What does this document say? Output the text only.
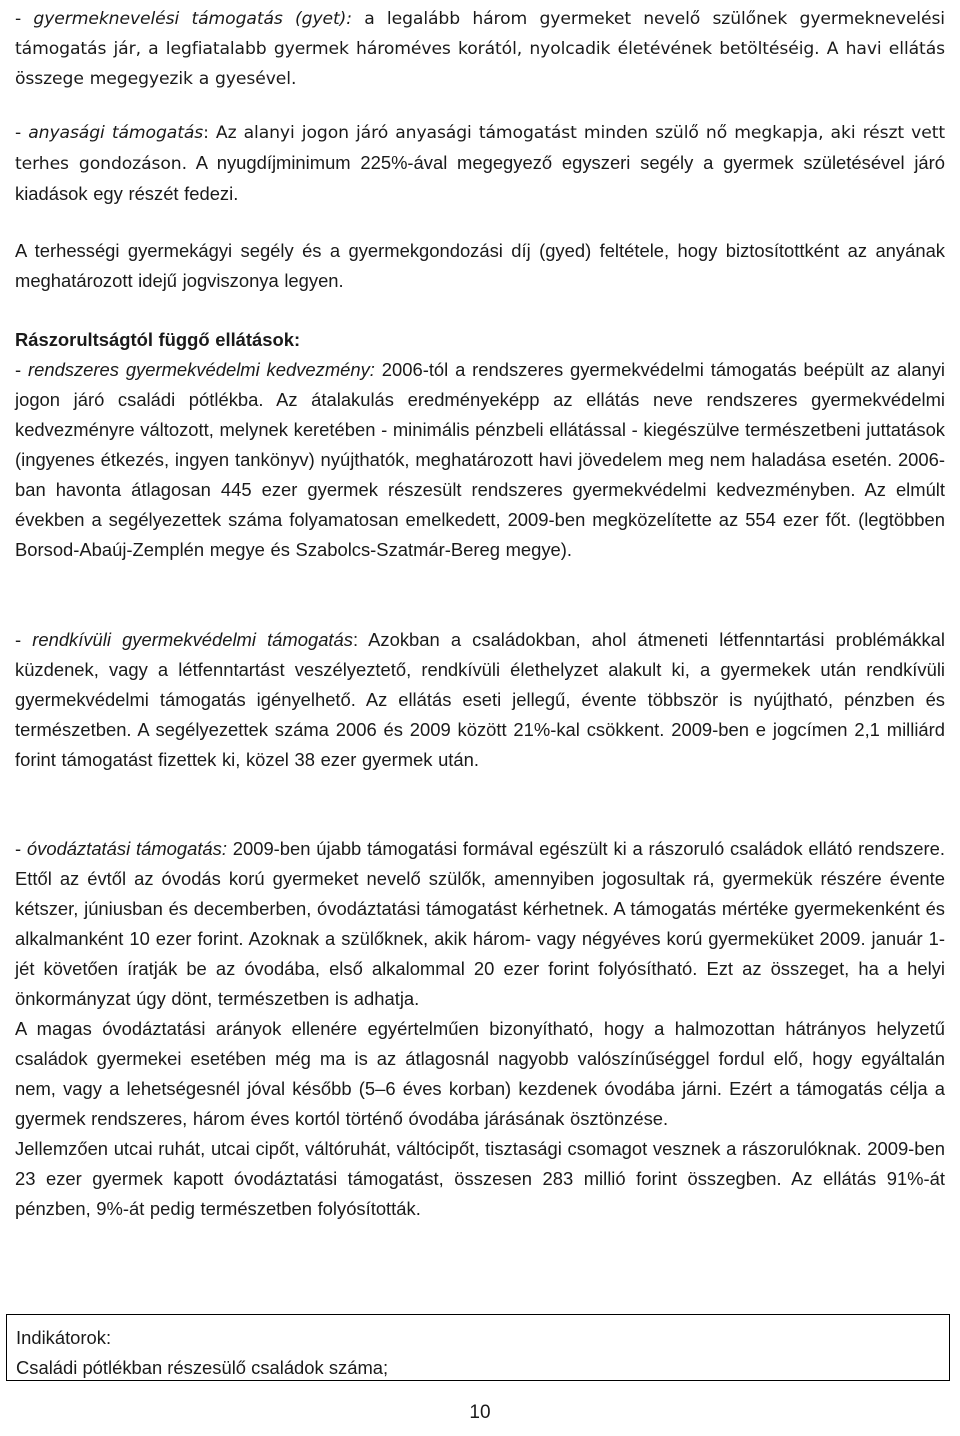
- gyermeknevelési támogatás (gyet): a legalább három gyermeket nevelő szülőnek gyermeknevelési támogatás jár, a legfiatalabb gyermek hároméves korától, nyolcadik életévének betöltéséig. A havi ellátás összege megegyezik a gyesével.

- anyasági támogatás: Az alanyi jogon járó anyasági támogatást minden szülő nő megkapja, aki részt vett terhes gondozáson. A nyugdíjminimum 225%-ával megegyező egyszeri segély a gyermek születésével járó kiadások egy részét fedezi.

A terhességi gyermekágyi segély és a gyermekgondozási díj (gyed) feltétele, hogy biztosítottként az anyának meghatározott idejű jogviszonya legyen.

Rászorultságtól függő ellátások:
- rendszeres gyermekvédelmi kedvezmény: 2006-tól a rendszeres gyermekvédelmi támogatás beépült az alanyi jogon járó családi pótlékba. Az átalakulás eredményeképp az ellátás neve rendszeres gyermekvédelmi kedvezményre változott, melynek keretében - minimális pénzbeli ellátással - kiegészülve természetbeni juttatások (ingyenes étkezés, ingyen tankönyv) nyújthatók, meghatározott havi jövedelem meg nem haladása esetén. 2006-ban havonta átlagosan 445 ezer gyermek részesült rendszeres gyermekvédelmi kedvezményben. Az elmúlt években a segélyezettek száma folyamatosan emelkedett, 2009-ben megközelítette az 554 ezer főt. (legtöbben Borsod-Abaúj-Zemplén megye és Szabolcs-Szatmár-Bereg megye).

- rendkívüli gyermekvédelmi támogatás: Azokban a családokban, ahol átmeneti létfenntartási problémákkal küzdenek, vagy a létfenntartást veszélyeztető, rendkívüli élethelyzet alakult ki, a gyermekek után rendkívüli gyermekvédelmi támogatás igényelhető. Az ellátás eseti jellegű, évente többször is nyújtható, pénzben és természetben. A segélyezettek száma 2006 és 2009 között 21%-kal csökkent. 2009-ben e jogcímen 2,1 milliárd forint támogatást fizettek ki, közel 38 ezer gyermek után.

- óvodáztatási támogatás: 2009-ben újabb támogatási formával egészült ki a rászoruló családok ellátó rendszere. Ettől az évtől az óvodás korú gyermeket nevelő szülők, amennyiben jogosultak rá, gyermekük részére évente kétszer, júniusban és decemberben, óvodáztatási támogatást kérhetnek. A támogatás mértéke gyermekenként és alkalmanként 10 ezer forint. Azoknak a szülőknek, akik három- vagy négyéves korú gyermeküket 2009. január 1-jét követően íratják be az óvodába, első alkalommal 20 ezer forint folyósítható. Ezt az összeget, ha a helyi önkormányzat úgy dönt, természetben is adhatja.
A magas óvodáztatási arányok ellenére egyértelműen bizonyítható, hogy a halmozottan hátrányos helyzetű családok gyermekei esetében még ma is az átlagosnál nagyobb valószínűséggel fordul elő, hogy egyáltalán nem, vagy a lehetségesnél jóval később (5–6 éves korban) kezdenek óvodába járni. Ezért a támogatás célja a gyermek rendszeres, három éves kortól történő óvodába járásának ösztönzése.
Jellemzően utcai ruhát, utcai cipőt, váltóruhát, váltócipőt, tisztasági csomagot vesznek a rászorulóknak. 2009-ben 23 ezer gyermek kapott óvodáztatási támogatást, összesen 283 millió forint összegben. Az ellátás 91%-át pénzben, 9%-át pedig természetben folyósították.

Indikátorok:
Családi pótlékban részesülő családok száma;
10
